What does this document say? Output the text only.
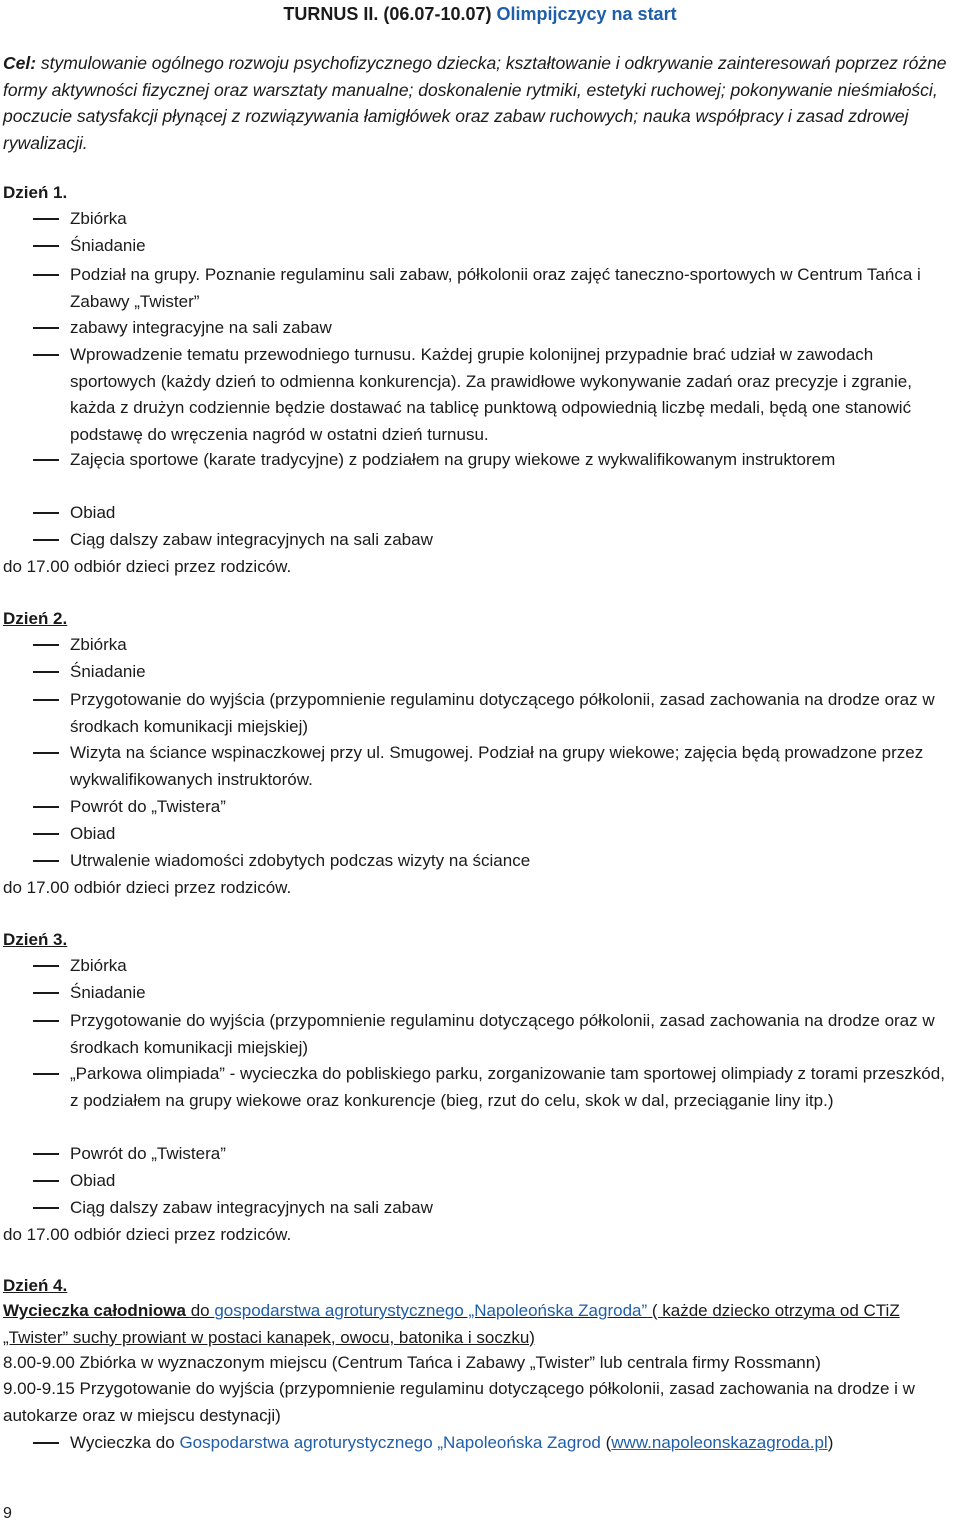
TURNUS II. (06.07-10.07) Olimpijczycy na start
Cel: stymulowanie ogólnego rozwoju psychofizycznego dziecka; kształtowanie i odkrywanie zainteresowań poprzez różne formy aktywności fizycznej oraz warsztaty manualne; doskonalenie rytmiki, estetyki ruchowej; pokonywanie nieśmiałości, poczucie satysfakcji płynącej z rozwiązywania łamigłówek oraz zabaw ruchowych; nauka współpracy i zasad zdrowej rywalizacji.
Dzień 1.
Zbiórka
Śniadanie
Podział na grupy. Poznanie regulaminu sali zabaw, półkolonii oraz zajęć taneczno-sportowych w Centrum Tańca i Zabawy „Twister”
zabawy integracyjne na sali zabaw
Wprowadzenie tematu przewodniego turnusu. Każdej grupie kolonijnej przypadnie brać udział w zawodach sportowych (każdy dzień to odmienna konkurencja). Za prawidłowe wykonywanie zadań oraz precyzje i zgranie, każda z drużyn codziennie będzie dostawać na tablicę punktową odpowiednią liczbę medali, będą one stanowić podstawę do wręczenia nagród w ostatni dzień turnusu.
Zajęcia sportowe (karate tradycyjne) z podziałem na grupy wiekowe z wykwalifikowanym instruktorem
Obiad
Ciąg dalszy zabaw integracyjnych na sali zabaw
do 17.00 odbiór dzieci przez rodziców.
Dzień 2.
Zbiórka
Śniadanie
Przygotowanie do wyjścia (przypomnienie regulaminu dotyczącego półkolonii, zasad zachowania na drodze oraz w środkach komunikacji miejskiej)
Wizyta na ściance wspinaczkowej przy ul. Smugowej. Podział na grupy wiekowe; zajęcia będą prowadzone przez wykwalifikowanych instruktorów.
Powrót do „Twistera”
Obiad
Utrwalenie wiadomości zdobytych podczas wizyty na ściance
do 17.00 odbiór dzieci przez rodziców.
Dzień 3.
Zbiórka
Śniadanie
Przygotowanie do wyjścia (przypomnienie regulaminu dotyczącego półkolonii, zasad zachowania na drodze oraz w środkach komunikacji miejskiej)
„Parkowa olimpiada” - wycieczka do pobliskiego parku, zorganizowanie tam sportowej olimpiady z torami przeszkód, z podziałem na grupy wiekowe oraz konkurencje (bieg, rzut do celu, skok w dal, przeciąganie liny itp.)
Powrót do „Twistera”
Obiad
Ciąg dalszy zabaw integracyjnych na sali zabaw
do 17.00 odbiór dzieci przez rodziców.
Dzień 4.
Wycieczka całodniowa do gospodarstwa agroturystycznego „Napoleońska Zagroda” ( każde dziecko otrzyma od CTiZ „Twister” suchy prowiant w postaci kanapek, owocu, batonika i soczku)
8.00-9.00 Zbiórka w wyznaczonym miejscu (Centrum Tańca i Zabawy „Twister” lub centrala firmy Rossmann)
9.00-9.15 Przygotowanie do wyjścia (przypomnienie regulaminu dotyczącego półkolonii, zasad zachowania na drodze i w autokarze oraz w miejscu destynacji)
Wycieczka do Gospodarstwa agroturystycznego „Napoleońska Zagrod (www.napoleonskazagroda.pl)
9
